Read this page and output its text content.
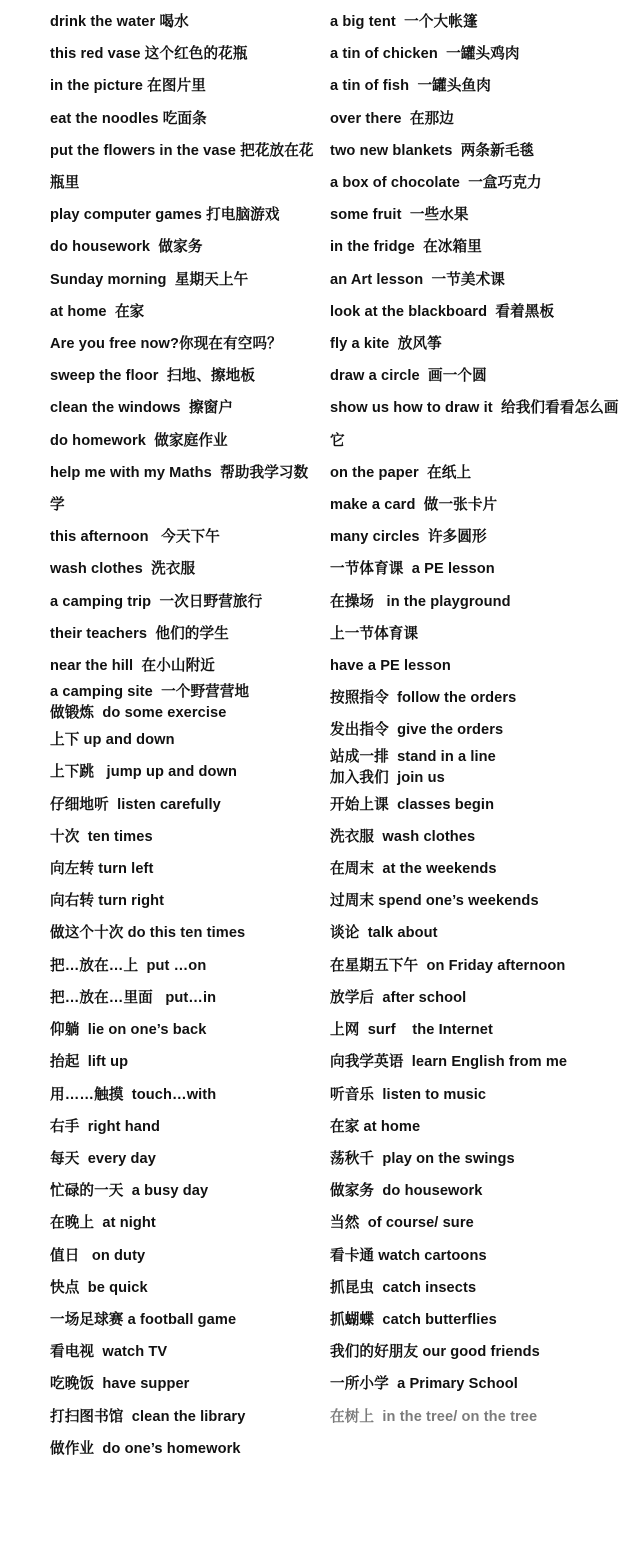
drink the water 喝水
this red vase 这个红色的花瓶
in the picture 在图片里
eat the noodles 吃面条
put the flowers in the vase 把花放在花瓶里
play computer games 打电脑游戏
do housework  做家务
Sunday morning  星期天上午
at home  在家
Are you free now?你现在有空吗？
sweep the floor  扫地、擦地板
clean the windows  擦窗户
do homework  做家庭作业
help me with my Maths  帮助我学习数学
this afternoon   今天下午
wash clothes  洗衣服
a camping trip  一次日野营旅行
their teachers  他们的学生
near the hill  在小山附近
a camping site  一个野营营地
做锻炼  do some exercise
上下 up and down
上下跳   jump up and down
仔细地听  listen carefully
十次  ten times
向左转 turn left
向右转 turn right
做这个十次 do this ten times
把…放在…上  put …on
把…放在…里面   put…in
仰躺  lie on one’s back
抬起  lift up
用……触摸  touch…with
右手  right hand
每天  every day
忙碌的一天  a busy day
在晚上  at night
值日   on duty
快点  be quick
一场足球赛 a football game
看电视  watch TV
吃晚饭  have supper
打扫图书馆  clean the library
做作业  do one’s homework
a big tent  一个大帐篷
a tin of chicken  一罐头鸡肉
a tin of fish  一罐头鱼肉
over there  在那边
two new blankets  两条新毛毯
a box of chocolate  一盒巧克力
some fruit  一些水果
in the fridge  在冰箱里
an Art lesson  一节美术课
look at the blackboard  看着黑板
fly a kite  放风筝
draw a circle  画一个圆
show us how to draw it  给我们看看怎么画它
on the paper  在纸上
make a card  做一张卡片
many circles  许多圆形
一节体育课  a PE lesson
在操场   in the playground
上一节体育课
have a PE lesson
按照指令  follow the orders
发出指令  give the orders
站成一排  stand in a line
加入我们  join us
开始上课  classes begin
洗衣服  wash clothes
在周末  at the weekends
过周末 spend one’s weekends
谈论  talk about
在星期五下午  on Friday afternoon
放学后  after school
上网  surf    the Internet
向我学英语  learn English from me
听音乐  listen to music
在家 at home
荡秋千  play on the swings
做家务  do housework
当然  of course/ sure
看卡通 watch cartoons
抓昆虫  catch insects
抓蝴蝶  catch butterflies
我们的好朋友 our good friends
一所小学  a Primary School
在树上  in the tree/ on the tree
